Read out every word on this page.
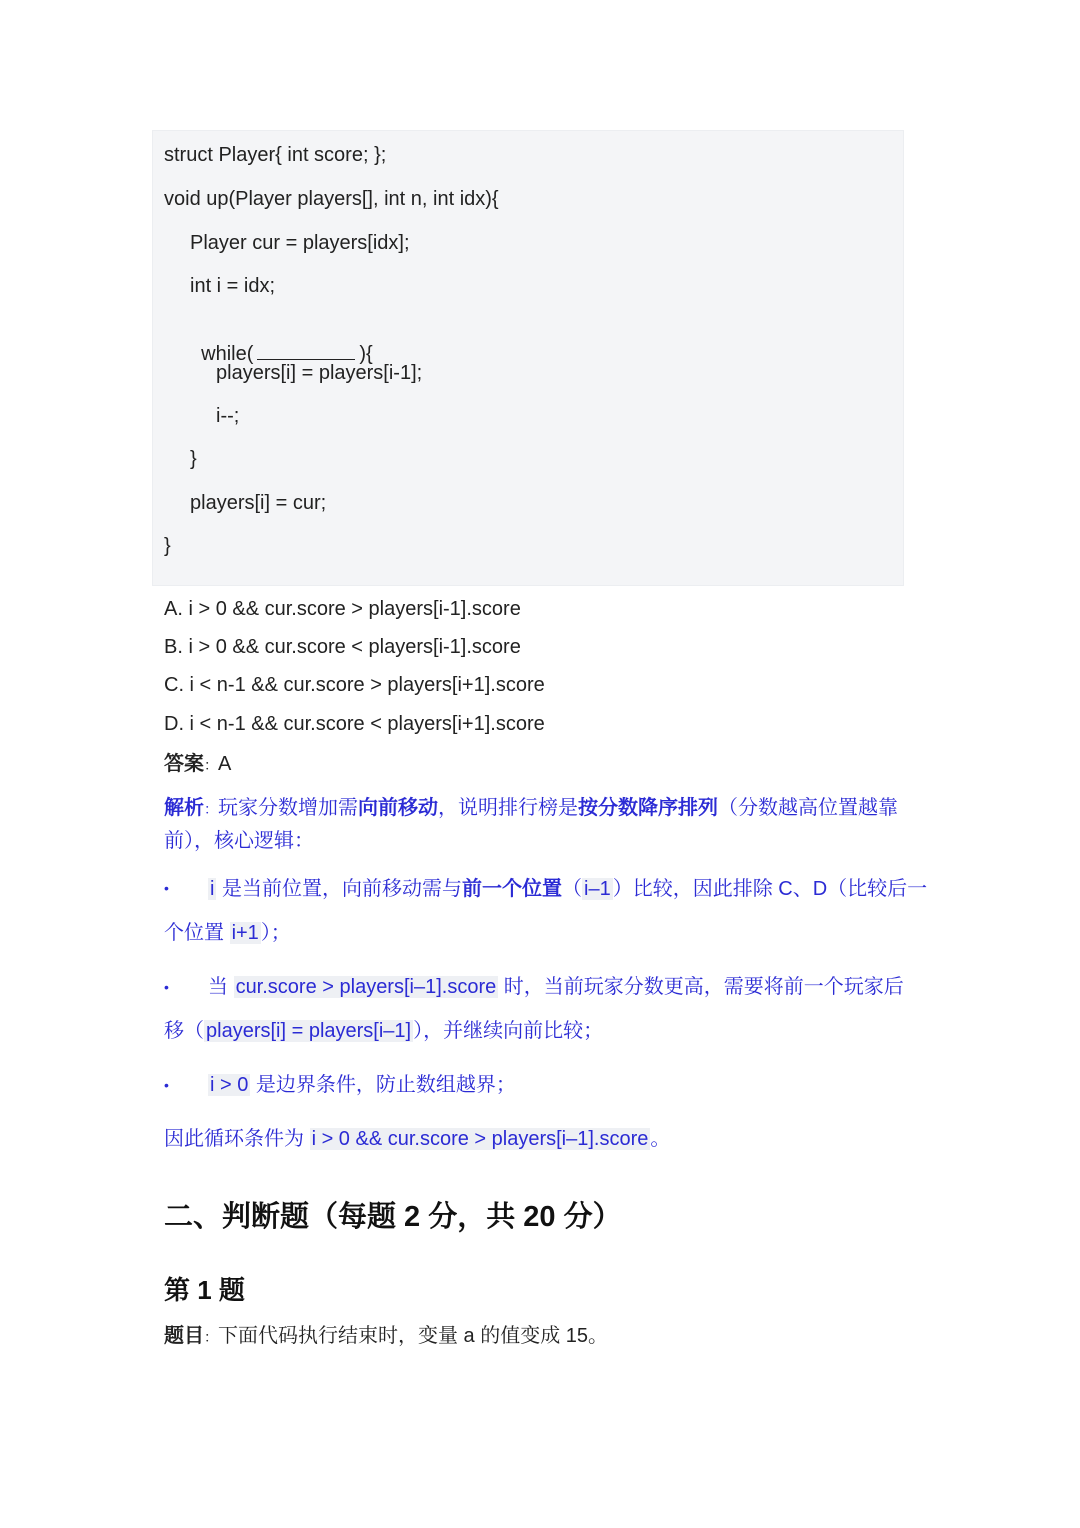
struct Player{ int score; };
void up(Player players[], int n, int idx){
Player cur = players[idx];
int i = idx;

while(	){

players[i] = players[i-1];
i--;
}
players[i] = cur;
}
A. i > 0 && cur.score > players[i-1].score
B. i > 0 && cur.score < players[i-1].score
C. i < n-1 && cur.score > players[i+1].score
D. i < n-1 && cur.score < players[i+1].score
答案：A
解析：玩家分数增加需向前移动，说明排行榜是按分数降序排列（分数越高位置越靠
前），核心逻辑：
• i 是当前位置，向前移动需与前一个位置（ i–1 ）比较，因此排除 C、D（比较后一
个位置 i+1 ）；
• 当 cur.score > players[i–1].score 时，当前玩家分数更高，需要将前一个玩家后
移（ players[i] = players[i–1] ），并继续向前比较；
• i > 0 是边界条件，防止数组越界；
因此循环条件为 i > 0 && cur.score > players[i–1].score 。
二、判断题（每题 2 分，共 20 分）
第 1 题
题目：下面代码执行结束时，变量 a 的值变成 15。
